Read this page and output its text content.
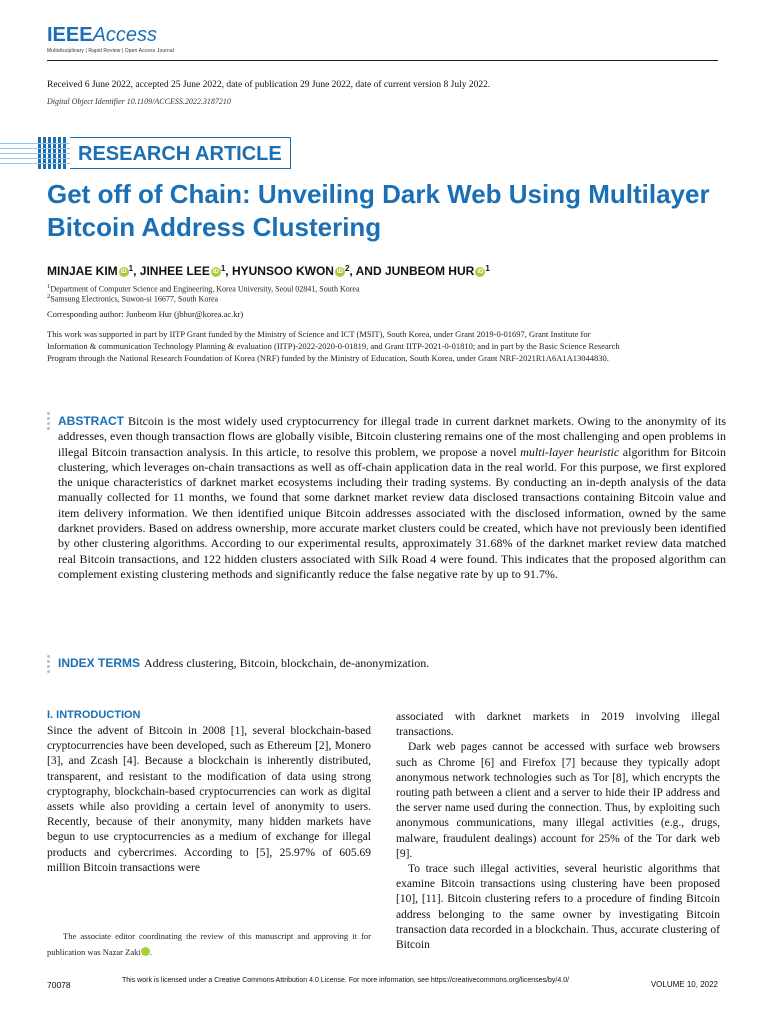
IEEEAccess
Multidisciplinary | Rapid Review | Open Access Journal
Received 6 June 2022, accepted 25 June 2022, date of publication 29 June 2022, date of current version 8 July 2022.
Digital Object Identifier 10.1109/ACCESS.2022.3187210
RESEARCH ARTICLE
Get off of Chain: Unveiling Dark Web Using Multilayer Bitcoin Address Clustering
MINJAE KIM iD $^1$, JINHEE LEE iD $^1$, HYUNSOO KWON iD $^2$, AND JUNBEOM HUR iD $^1$
$^1$Department of Computer Science and Engineering, Korea University, Seoul 02841, South Korea
$^2$Samsung Electronics, Suwon-si 16677, South Korea
Corresponding author: Junbeom Hur (jbhur@korea.ac.kr)
This work was supported in part by IITP Grant funded by the Ministry of Science and ICT (MSIT), South Korea, under Grant 2019-0-01697, Grant Institute for Information & communication Technology Planning & evaluation (IITP)-2022-2020-0-01819, and Grant IITP-2021-0-01810; and in part by the Basic Science Research Program through the National Research Foundation of Korea (NRF) funded by the Ministry of Education, South Korea, under Grant NRF-2021R1A6A1A13044830.
ABSTRACT Bitcoin is the most widely used cryptocurrency for illegal trade in current darknet markets. Owing to the anonymity of its addresses, even though transaction flows are globally visible, Bitcoin clustering remains one of the most challenging and open problems in illegal Bitcoin transaction analysis. In this article, to resolve this problem, we propose a novel multi-layer heuristic algorithm for Bitcoin clustering, which leverages on-chain transactions as well as off-chain application data in the real world. For this purpose, we first explored the unique characteristics of darknet market ecosystems including their trading systems. By conducting an in-depth analysis of the data manually collected for 11 months, we found that some darknet market review data disclosed transactions containing Bitcoin value and item delivery information. We then identified unique Bitcoin addresses associated with the disclosed information, owned by the same darknet providers. Based on address ownership, more accurate market clusters could be created, which have not previously been identified by other clustering algorithms. According to our experimental results, approximately 31.68% of the darknet market review data matched real Bitcoin transactions, and 122 hidden clusters associated with Silk Road 4 were found. This indicates that the proposed algorithm can complement existing clustering methods and significantly reduce the false negative rate by up to 91.7%.
INDEX TERMS Address clustering, Bitcoin, blockchain, de-anonymization.
I. INTRODUCTION
Since the advent of Bitcoin in 2008 [1], several blockchain-based cryptocurrencies have been developed, such as Ethereum [2], Monero [3], and Zcash [4]. Because a blockchain is inherently distributed, transparent, and resistant to the modification of data using strong cryptography, blockchain-based cryptocurrencies can work as digital assets while also providing a certain level of anonymity to users. Recently, because of their anonymity, many hidden markets have begun to use cryptocurrencies as a medium of exchange for illegal products and cybercrimes. According to [5], 25.97% of 605.69 million Bitcoin transactions were

associated with darknet markets in 2019 involving illegal transactions.

Dark web pages cannot be accessed with surface web browsers such as Chrome [6] and Firefox [7] because they typically adopt anonymous network technologies such as Tor [8], which encrypts the routing path between a client and a server to hide their IP address and the server name used during the connection. Thus, by exploiting such anonymous communications, many illegal activities (e.g., drugs, malware, fraudulent dealings) account for 25% of the Tor dark web [9].

To trace such illegal activities, several heuristic algorithms that examine Bitcoin transactions using clustering have been proposed [10], [11]. Bitcoin clustering refers to a procedure of finding Bitcoin address belonging to the same owner by investigating Bitcoin transaction data recorded in a blockchain. Thus, accurate clustering of Bitcoin

The associate editor coordinating the review of this manuscript and approving it for publication was Nazar Zaki	iD.

70078	This work is licensed under a Creative Commons Attribution 4.0 License. For more information, see https://creativecommons.org/licenses/by/4.0/	VOLUME 10, 2022
